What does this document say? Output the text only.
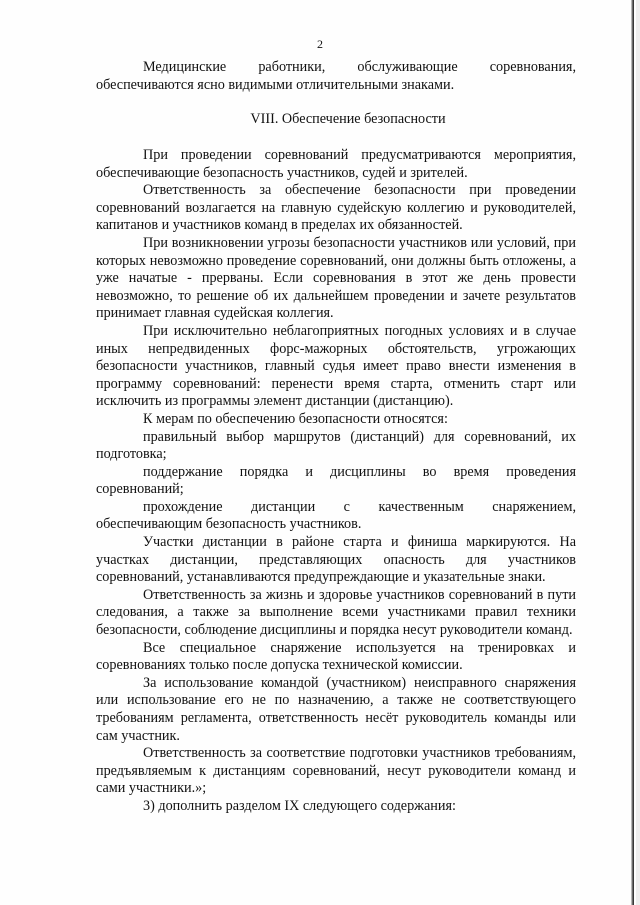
2

Медицинские работники, обслуживающие соревнования, обеспечиваются ясно видимыми отличительными знаками.

VIII. Обеспечение безопасности

При проведении соревнований предусматриваются мероприятия, обеспечивающие безопасность участников, судей и зрителей.

Ответственность за обеспечение безопасности при проведении соревнований возлагается на главную судейскую коллегию и руководителей, капитанов и участников команд в пределах их обязанностей.

При возникновении угрозы безопасности участников или условий, при которых невозможно проведение соревнований, они должны быть отложены, а уже начатые - прерваны. Если соревнования в этот же день провести невозможно, то решение об их дальнейшем проведении и зачете результатов принимает главная судейская коллегия.

При исключительно неблагоприятных погодных условиях и в случае иных непредвиденных форс-мажорных обстоятельств, угрожающих безопасности участников, главный судья имеет право внести изменения в программу соревнований: перенести время старта, отменить старт или исключить из программы элемент дистанции (дистанцию).

К мерам по обеспечению безопасности относятся:

правильный выбор маршрутов (дистанций) для соревнований, их подготовка;

поддержание порядка и дисциплины во время проведения соревнований;

прохождение дистанции с качественным снаряжением, обеспечивающим безопасность участников.

Участки дистанции в районе старта и финиша маркируются. На участках дистанции, представляющих опасность для участников соревнований, устанавливаются предупреждающие и указательные знаки.

Ответственность за жизнь и здоровье участников соревнований в пути следования, а также за выполнение всеми участниками правил техники безопасности, соблюдение дисциплины и порядка несут руководители команд.

Все специальное снаряжение используется на тренировках и соревнованиях только после допуска технической комиссии.

За использование командой (участником) неисправного снаряжения или использование его не по назначению, а также не соответствующего требованиям регламента, ответственность несёт руководитель команды или сам участник.

Ответственность за соответствие подготовки участников требованиям, предъявляемым к дистанциям соревнований, несут руководители команд и сами участники.»;

3) дополнить разделом IX следующего содержания:
